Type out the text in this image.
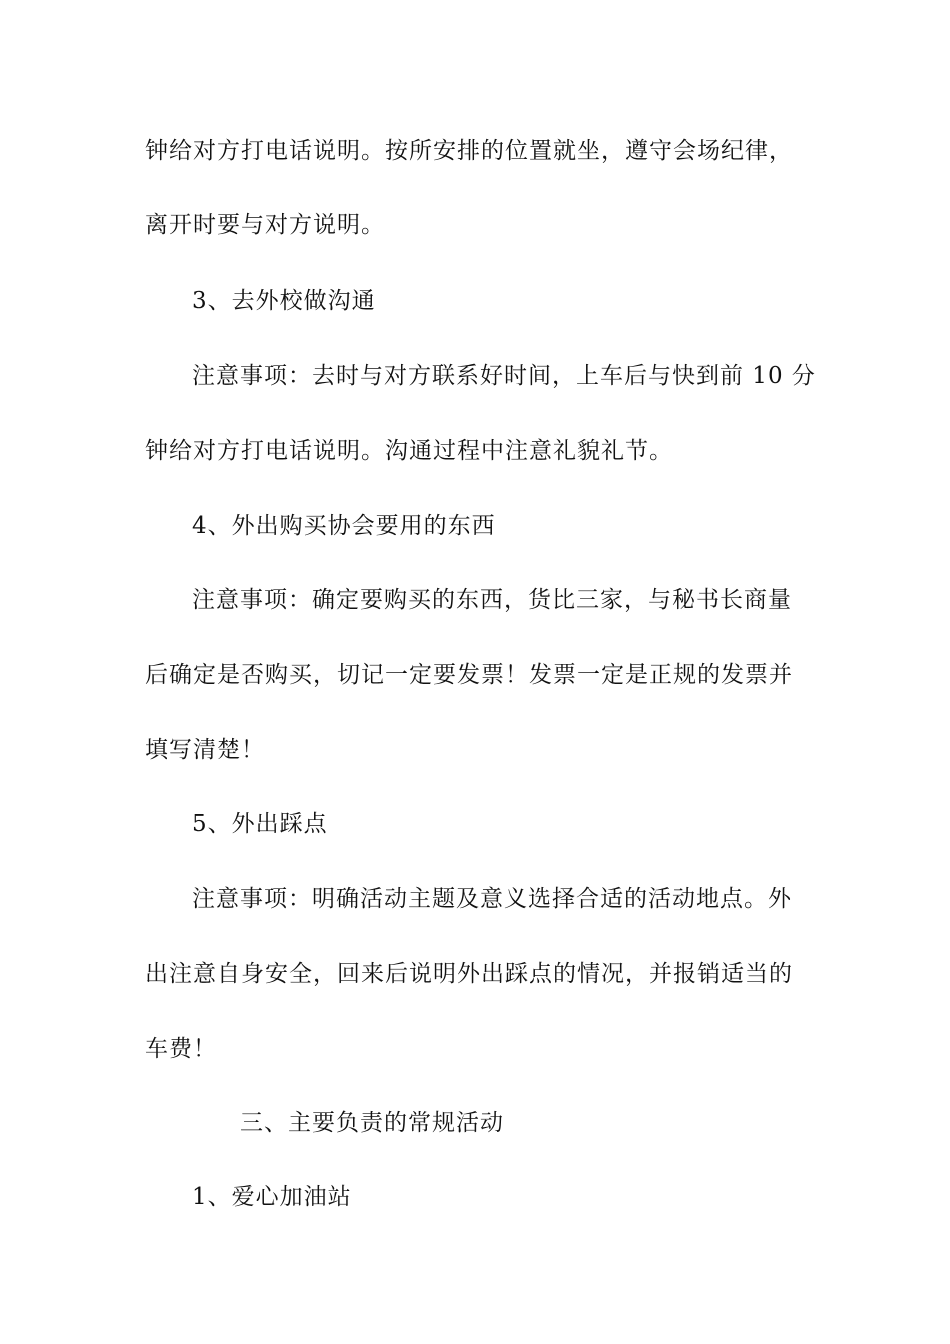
钟给对方打电话说明。按所安排的位置就坐，遵守会场纪律，
离开时要与对方说明。
3、去外校做沟通
注意事项：去时与对方联系好时间，上车后与快到前 10 分
钟给对方打电话说明。沟通过程中注意礼貌礼节。
4、外出购买协会要用的东西
注意事项：确定要购买的东西，货比三家，与秘书长商量
后确定是否购买，切记一定要发票！发票一定是正规的发票并
填写清楚！
5、外出踩点
注意事项：明确活动主题及意义选择合适的活动地点。外
出注意自身安全，回来后说明外出踩点的情况，并报销适当的
车费！
三、主要负责的常规活动
1、爱心加油站
